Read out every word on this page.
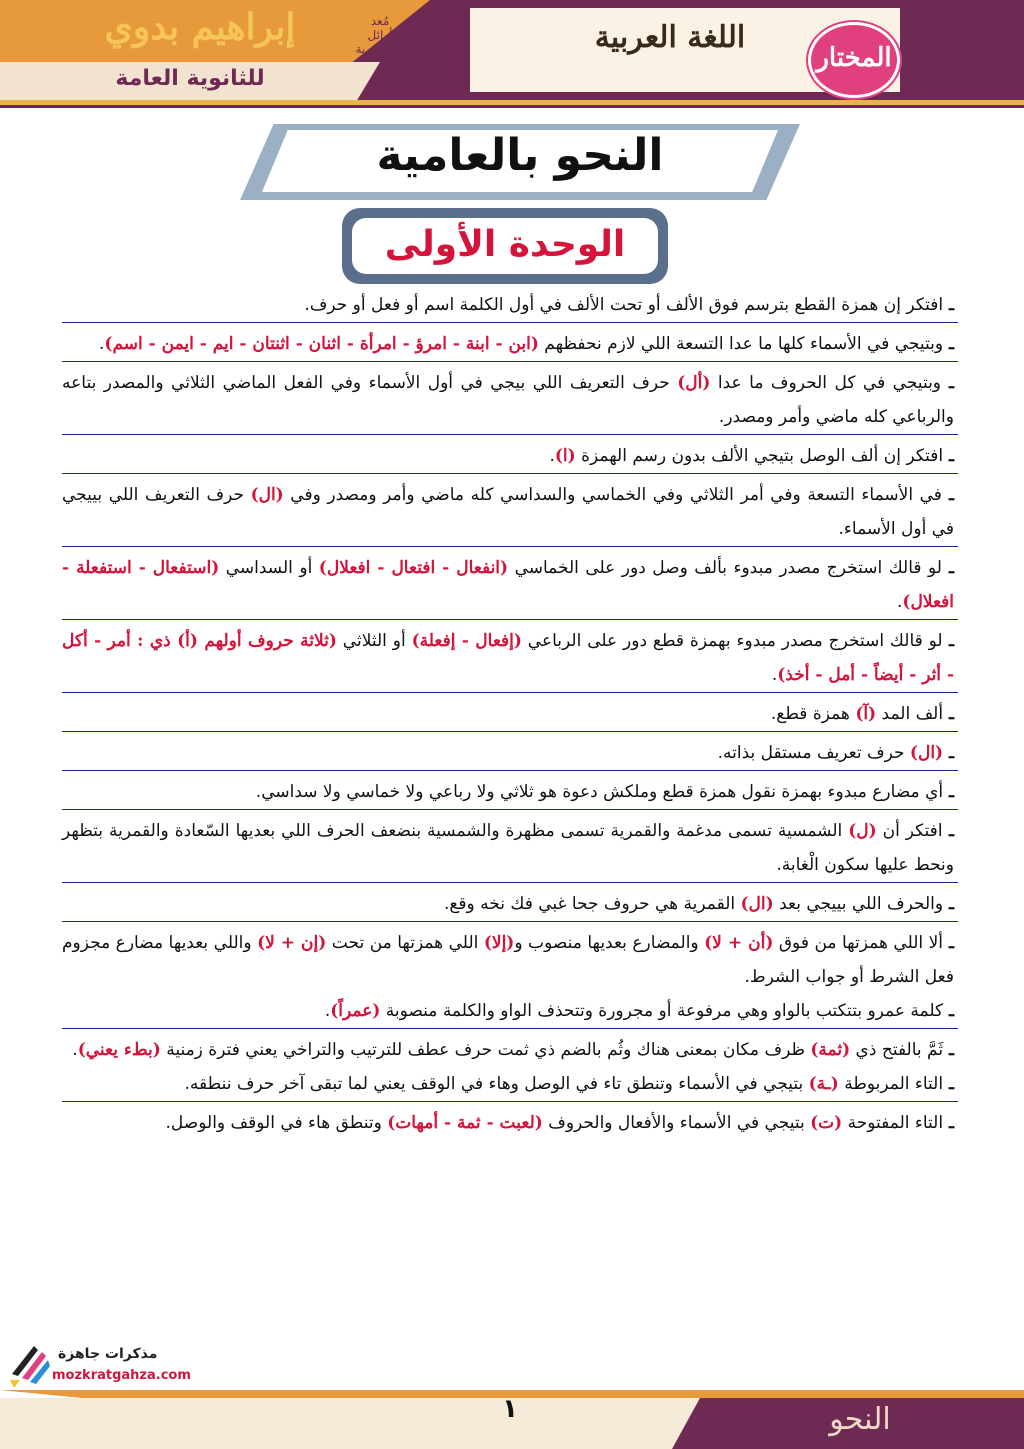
إبراهيم بدوي
للثانوية العامة
مُعد
أوائل
الجمهورية	اللغة العربية
المختار
النحو بالعامية
الوحدة الأولى
ـ افتكر إن همزة القطع بترسم فوق الألف أو تحت الألف في أول الكلمة اسم أو فعل أو حرف.
ـ وبتيجي في الأسماء كلها ما عدا التسعة اللي لازم نحفظهم (ابن - ابنة - امرؤ - امرأة - اثنان - اثنتان - ايم - ايمن - اسم).
ـ وبتيجي في كل الحروف ما عدا (أل) حرف التعريف اللي بيجي في أول الأسماء وفي الفعل الماضي الثلاثي والمصدر بتاعه والرباعي كله ماضي وأمر ومصدر.
ـ افتكر إن ألف الوصل بتيجي الألف بدون رسم الهمزة (ا).
ـ في الأسماء التسعة وفي أمر الثلاثي وفي الخماسي والسداسي كله ماضي وأمر ومصدر وفي (ال) حرف التعريف اللي بييجي في أول الأسماء.
ـ لو قالك استخرج مصدر مبدوء بألف وصل دور على الخماسي (انفعال - افتعال - افعلال) أو السداسي (استفعال - استفعلة - افعلال).
ـ لو قالك استخرج مصدر مبدوء بهمزة قطع دور على الرباعي (إفعال - إفعلة) أو الثلاثي (ثلاثة حروف أولهم (أ) ذي : أمر - أكل - أثر - أيضاً - أمل - أخذ).
ـ ألف المد (آ) همزة قطع.
ـ (ال) حرف تعريف مستقل بذاته.
ـ أي مضارع مبدوء بهمزة نقول همزة قطع وملكش دعوة هو ثلاثي ولا رباعي ولا خماسي ولا سداسي.
ـ افتكر أن (ل) الشمسية تسمى مدغمة والقمرية تسمى مظهرة والشمسية بنضعف الحرف اللي بعديها السّعادة والقمرية بتظهر ونحط عليها سكون الْغابة.
ـ والحرف اللي بييجي بعد (ال) القمرية هي حروف جحا غبي فك نخه وقع.
ـ ألا اللي همزتها من فوق (أن + لا) والمضارع بعديها منصوب و(إلا) اللي همزتها من تحت (إن + لا) واللي بعديها مضارع مجزوم فعل الشرط أو جواب الشرط.
ـ كلمة عمرو بتتكتب بالواو وهي مرفوعة أو مجرورة وتتحذف الواو والكلمة منصوبة (عمراً).
ـ ثَمَّ بالفتح ذي (ثمة) ظرف مكان بمعنى هناك وثُم بالضم ذي ثمت حرف عطف للترتيب والتراخي يعني فترة زمنية (بطء يعني).
ـ التاء المربوطة (ـة) بتيجي في الأسماء وتنطق تاء في الوصل وهاء في الوقف يعني لما تبقى آخر حرف ننطقه.
ـ التاء المفتوحة (ت) بتيجي في الأسماء والأفعال والحروف (لعبت - ثمة - أمهات) وتنطق هاء في الوقف والوصل.
مذكرات جاهزة
mozkratgahza.com
١	النحو
